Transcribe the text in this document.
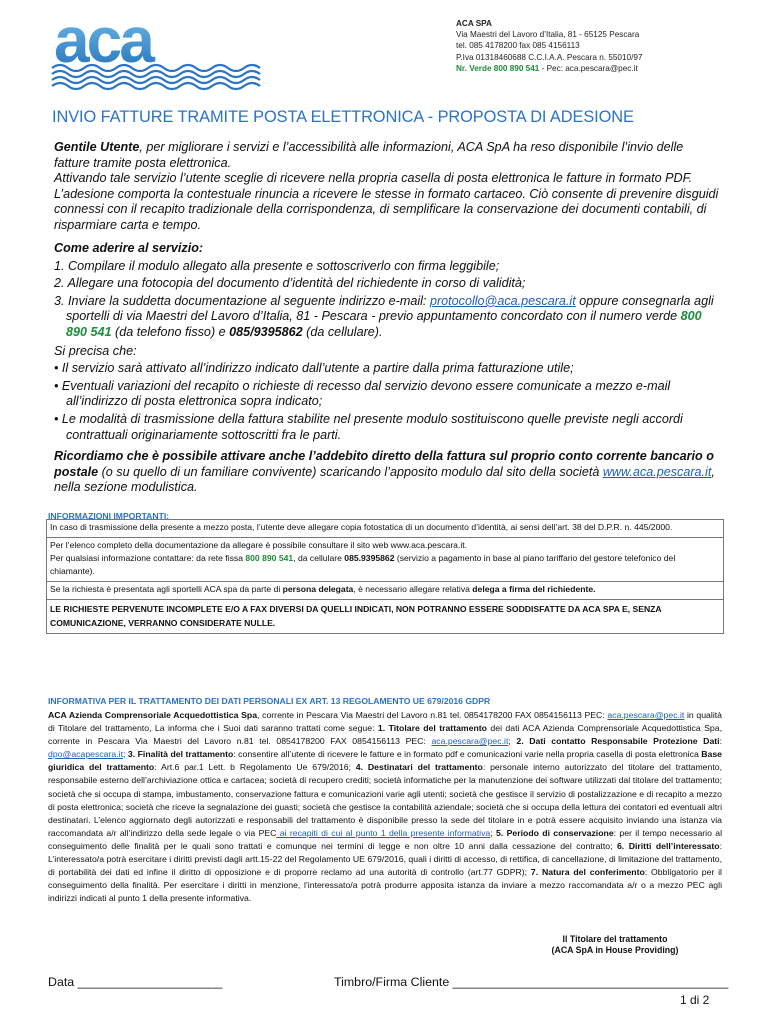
aca	ACA SPA
Via Maestri del Lavoro d’Italia, 81 - 65125 Pescara
tel. 085 4178200 fax 085 4156113
P.Iva 01318460688 C.C.I.A.A. Pescara n. 55010/97
Nr. Verde 800 890 541 - Pec: aca.pescara@pec.it
INVIO FATTURE TRAMITE POSTA ELETTRONICA - PROPOSTA DI ADESIONE

Gentile Utente, per migliorare i servizi e l’accessibilità alle informazioni, ACA SpA ha reso disponibile l’invio delle fatture tramite posta elettronica.

Attivando tale servizio l’utente sceglie di ricevere nella propria casella di posta elettronica le fatture in formato PDF. L’adesione comporta la contestuale rinuncia a ricevere le stesse in formato cartaceo. Ciò consente di prevenire disguidi connessi con il recapito tradizionale della corrispondenza, di semplificare la conservazione dei documenti contabili, di risparmiare carta e tempo.

Come aderire al servizio:

1. Compilare il modulo allegato alla presente e sottoscriverlo con firma leggibile;

2. Allegare una fotocopia del documento d’identità del richiedente in corso di validità;

3. Inviare la suddetta documentazione al seguente indirizzo e-mail: protocollo@aca.pescara.it oppure consegnarla agli sportelli di via Maestri del Lavoro d’Italia, 81 - Pescara - previo appuntamento concordato con il numero verde 800 890 541 (da telefono fisso) e 085/9395862 (da cellulare).

Si precisa che:

• Il servizio sarà attivato all’indirizzo indicato dall’utente a partire dalla prima fatturazione utile;

• Eventuali variazioni del recapito o richieste di recesso dal servizio devono essere comunicate a mezzo e-mail all’indirizzo di posta elettronica sopra indicato;

• Le modalità di trasmissione della fattura stabilite nel presente modulo sostituiscono quelle previste negli accordi contrattuali originariamente sottoscritti fra le parti.

Ricordiamo che è possibile attivare anche l’addebito diretto della fattura sul proprio conto corrente bancario o postale (o su quello di un familiare convivente) scaricando l’apposito modulo dal sito della società www.aca.pescara.it, nella sezione modulistica.

INFORMAZIONI IMPORTANTI:
In caso di trasmissione della presente a mezzo posta, l’utente deve allegare copia fotostatica di un documento d’identità, ai sensi dell’art. 38 del D.P.R. n. 445/2000.
Per l’elenco completo della documentazione da allegare è possibile consultare il sito web www.aca.pescara.it.
Per qualsiasi informazione contattare: da rete fissa 800 890 541, da cellulare 085.9395862 (servizio a pagamento in base al piano tariffario del gestore telefonico del chiamante).
Se la richiesta è presentata agli sportelli ACA spa da parte di persona delegata, è necessario allegare relativa delega a firma del richiedente.
LE RICHIESTE PERVENUTE INCOMPLETE E/O A FAX DIVERSI DA QUELLI INDICATI, NON POTRANNO ESSERE SODDISFATTE DA ACA SPA E, SENZA COMUNICAZIONE, VERRANNO CONSIDERATE NULLE.
INFORMATIVA PER IL TRATTAMENTO DEI DATI PERSONALI EX ART. 13 REGOLAMENTO UE 679/2016 GDPR

ACA Azienda Comprensoriale Acquedottistica Spa, corrente in Pescara Via Maestri del Lavoro n.81 tel. 0854178200 FAX 0854156113 PEC: aca.pescara@pec.it in qualità di Titolare del trattamento, La informa che i Suoi dati saranno trattati come segue: 1. Titolare del trattamento dei dati ACA Azienda Comprensoriale Acquedottistica Spa, corrente in Pescara Via Maestri del Lavoro n.81 tel. 0854178200 FAX 0854156113 PEC: aca.pescara@pec.it; 2. Dati contatto Responsabile Protezione Dati: dpo@acapescara.it; 3. Finalità del trattamento: consentire all’utente di ricevere le fatture e in formato pdf e comunicazioni varie nella propria casella di posta elettronica Base giuridica del trattamento: Art.6 par.1 Lett. b Regolamento Ue 679/2016; 4. Destinatari del trattamento: personale interno autorizzato del titolare del trattamento, responsabile esterno dell’archiviazione ottica e cartacea; società di recupero crediti; società informatiche per la manutenzione dei software utilizzati dal titolare del trattamento; società che si occupa di stampa, imbustamento, conservazione fattura e comunicazioni varie agli utenti; società che gestisce il servizio di postalizzazione e di recapito a mezzo di posta elettronica; società che riceve la segnalazione dei guasti; società che gestisce la contabilità aziendale; società che si occupa della lettura dei contatori ed eventuali altri destinatari. L’elenco aggiornato degli autorizzati e responsabili del trattamento è disponibile presso la sede del titolare in e potrà essere acquisito inviando una istanza via raccomandata a/r all’indirizzo della sede legale o via PEC ai recapiti di cui al punto 1 della presente informativa; 5. Periodo di conservazione: per il tempo necessario al conseguimento delle finalità per le quali sono trattati e comunque nei termini di legge e non oltre 10 anni dalla cessazione del contratto; 6. Diritti dell’interessato: L’interessato/a potrà esercitare i diritti previsti dagli artt.15-22 del Regolamento UE 679/2016, quali i diritti di accesso, di rettifica, di cancellazione, di limitazione del trattamento, di portabilità dei dati ed infine il diritto di opposizione e di proporre reclamo ad una autorità di controllo (art.77 GDPR); 7. Natura del conferimento: Obbligatorio per il conseguimento della finalità. Per esercitare i diritti in menzione, l’interessato/a potrà produrre apposita istanza da inviare a mezzo raccomandata a/r o a mezzo PEC agli indirizzi indicati al punto 1 della presente informativa.

Il Titolare del trattamento
(ACA SpA in House Providing)
Data _____________________	Timbro/Firma Cliente ________________________________________
1 di 2
